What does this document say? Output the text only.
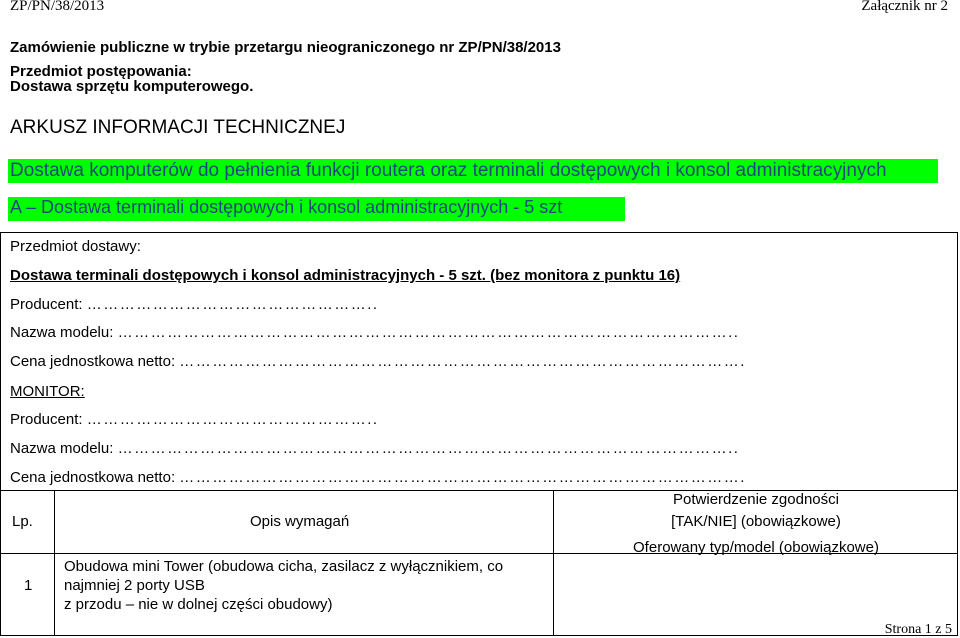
ZP/PN/38/2013	Załącznik nr 2
Zamówienie publiczne w trybie przetargu nieograniczonego nr ZP/PN/38/2013
Przedmiot postępowania:
Dostawa sprzętu komputerowego.
ARKUSZ INFORMACJI TECHNICZNEJ
Dostawa komputerów do pełnienia funkcji routera oraz terminali dostępowych i konsol administracyjnych
A – Dostawa terminali dostępowych i konsol administracyjnych - 5 szt
Przedmiot dostawy:
Dostawa terminali dostępowych i konsol administracyjnych - 5 szt. (bez monitora z punktu 16)
Producent: ……………………………………………..
Nazwa modelu: …………………………………………………………………………………………………..
Cena jednostkowa netto: ………………………………………………………………………………………….
MONITOR:
Producent: ……………………………………………..
Nazwa modelu: …………………………………………………………………………………………………..
Cena jednostkowa netto: ………………………………………………………………………………………….
Lp.	Opis wymagań
Potwierdzenie zgodności
[TAK/NIE] (obowiązkowe)
Oferowany typ/model (obowiązkowe)
1
Obudowa mini Tower (obudowa cicha, zasilacz z wyłącznikiem, co
najmniej 2 porty USB
z przodu – nie w dolnej części obudowy)
Strona 1 z 5
